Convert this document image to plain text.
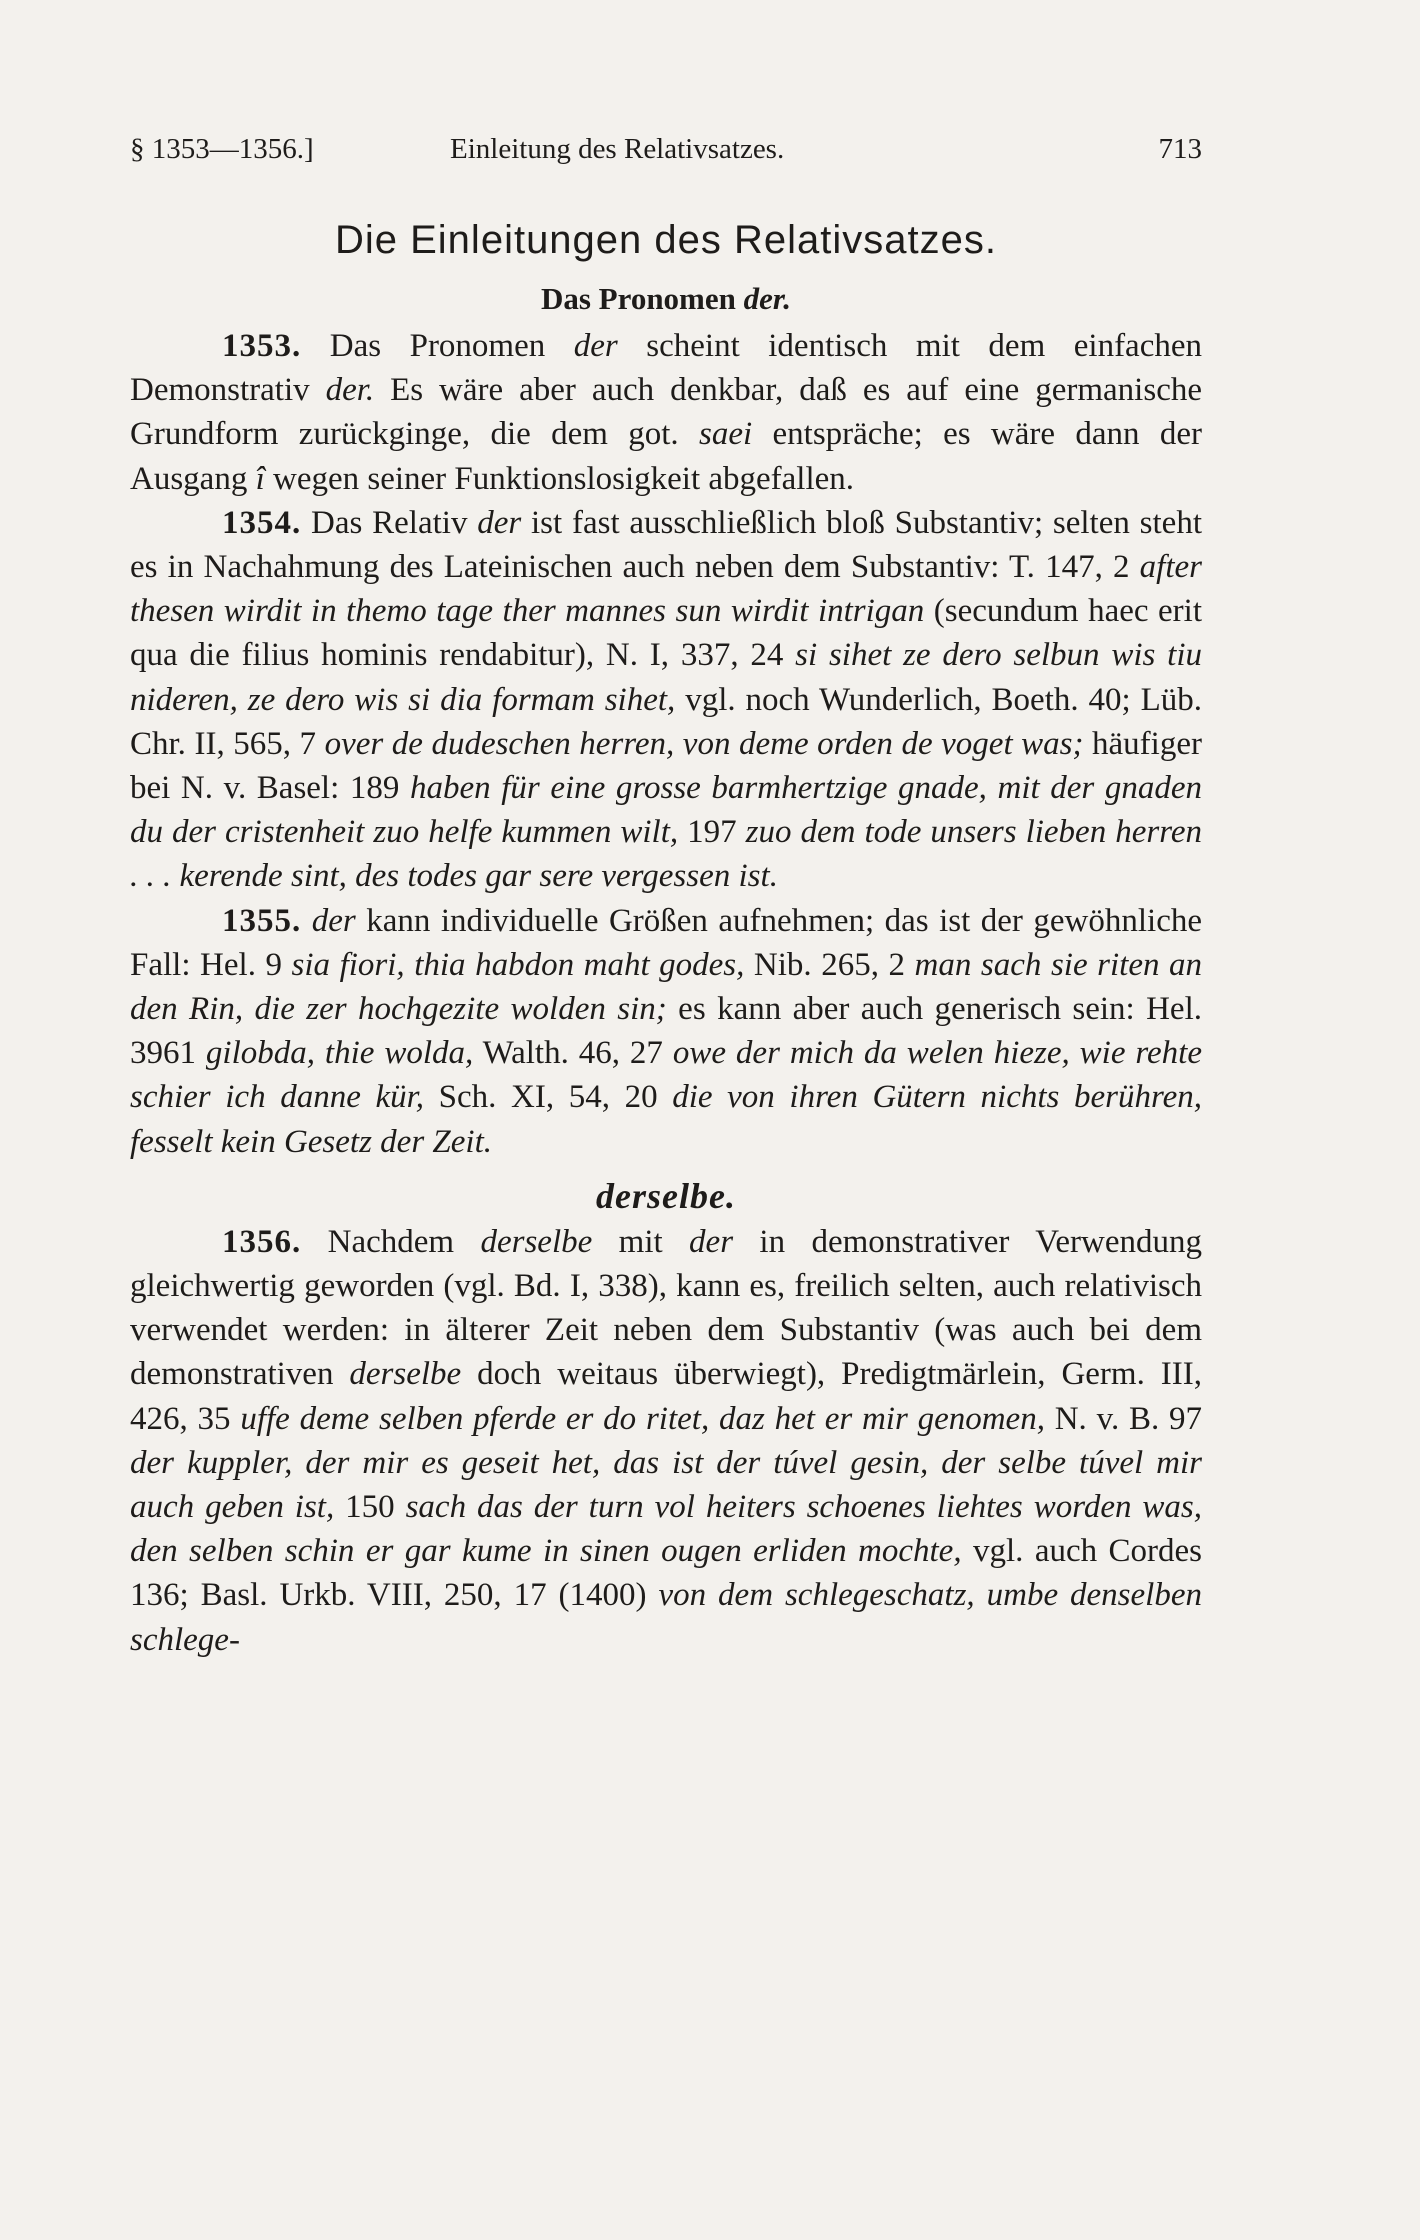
§ 1353—1356.]	Einleitung des Relativsatzes.	713
Die Einleitungen des Relativsatzes.
Das Pronomen der.

1353. Das Pronomen der scheint identisch mit dem einfachen Demonstrativ der. Es wäre aber auch denkbar, daß es auf eine germanische Grundform zurückginge, die dem got. saei entspräche; es wäre dann der Ausgang î wegen seiner Funktionslosigkeit abgefallen.

1354. Das Relativ der ist fast ausschließlich bloß Substantiv; selten steht es in Nachahmung des Lateinischen auch neben dem Substantiv: T. 147, 2 after thesen wirdit in themo tage ther mannes sun wirdit intrigan (secundum haec erit qua die filius hominis rendabitur), N. I, 337, 24 si sihet ze dero selbun wis tiu nideren, ze dero wis si dia formam sihet, vgl. noch Wunderlich, Boeth. 40; Lüb. Chr. II, 565, 7 over de dudeschen herren, von deme orden de voget was; häufiger bei N. v. Basel: 189 haben für eine grosse barmhertzige gnade, mit der gnaden du der cristenheit zuo helfe kummen wilt, 197 zuo dem tode unsers lieben herren . . . kerende sint, des todes gar sere vergessen ist.

1355. der kann individuelle Größen aufnehmen; das ist der gewöhnliche Fall: Hel. 9 sia fiori, thia habdon maht godes, Nib. 265, 2 man sach sie riten an den Rin, die zer hochgezite wolden sin; es kann aber auch generisch sein: Hel. 3961 gilobda, thie wolda, Walth. 46, 27 owe der mich da welen hieze, wie rehte schier ich danne kür, Sch. XI, 54, 20 die von ihren Gütern nichts berühren, fesselt kein Gesetz der Zeit.

derselbe.

1356. Nachdem derselbe mit der in demonstrativer Verwendung gleichwertig geworden (vgl. Bd. I, 338), kann es, freilich selten, auch relativisch verwendet werden: in älterer Zeit neben dem Substantiv (was auch bei dem demonstrativen derselbe doch weitaus überwiegt), Predigtmärlein, Germ. III, 426, 35 uffe deme selben pferde er do ritet, daz het er mir genomen, N. v. B. 97 der kuppler, der mir es geseit het, das ist der túvel gesin, der selbe túvel mir auch geben ist, 150 sach das der turn vol heiters schoenes liehtes worden was, den selben schin er gar kume in sinen ougen erliden mochte, vgl. auch Cordes 136; Basl. Urkb. VIII, 250, 17 (1400) von dem schlegeschatz, umbe denselben schlege-
